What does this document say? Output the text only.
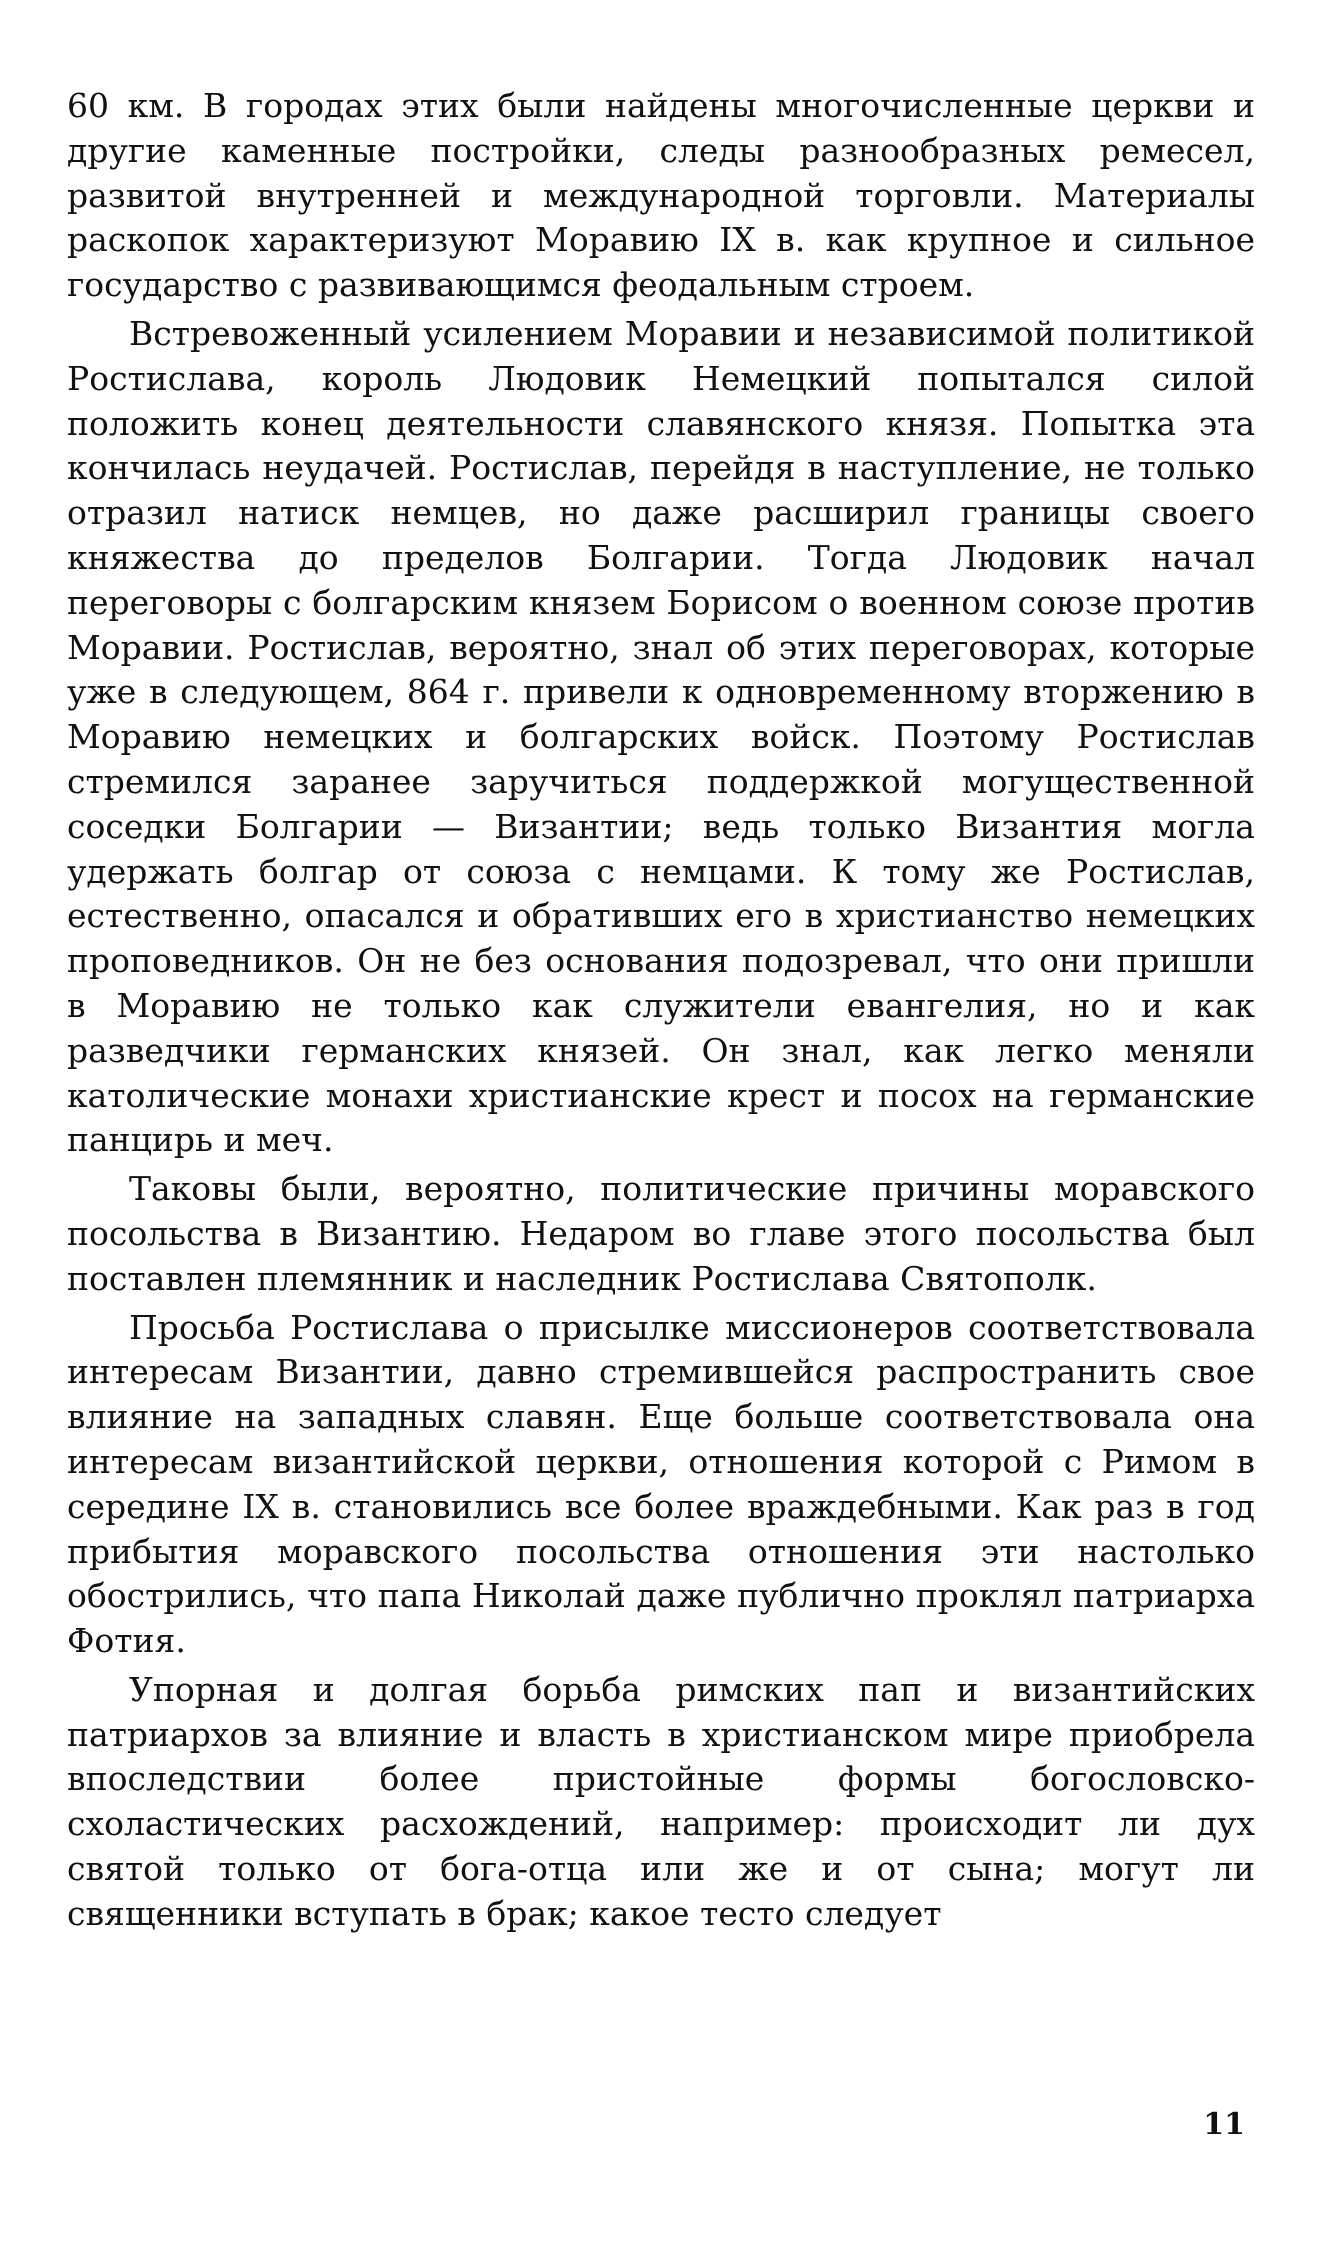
60 км. В городах этих были найдены многочисленные церкви и другие каменные постройки, следы разнообразных ремесел, развитой внутренней и международной торговли. Материалы раскопок характеризуют Моравию IX в. как крупное и сильное государство с развивающимся феодальным строем.

Встревоженный усилением Моравии и независимой политикой Ростислава, король Людовик Немецкий попытался силой положить конец деятельности славянского князя. Попытка эта кончилась неудачей. Ростислав, перейдя в наступление, не только отразил натиск немцев, но даже расширил границы своего княжества до пределов Болгарии. Тогда Людовик начал переговоры с болгарским князем Борисом о военном союзе против Моравии. Ростислав, вероятно, знал об этих переговорах, которые уже в следующем, 864 г. привели к одновременному вторжению в Моравию немецких и болгарских войск. Поэтому Ростислав стремился заранее заручиться поддержкой могущественной соседки Болгарии — Византии; ведь только Византия могла удержать болгар от союза с немцами. К тому же Ростислав, естественно, опасался и обративших его в христианство немецких проповедников. Он не без основания подозревал, что они пришли в Моравию не только как служители евангелия, но и как разведчики германских князей. Он знал, как легко меняли католические монахи христианские крест и посох на германские панцирь и меч.

Таковы были, вероятно, политические причины моравского посольства в Византию. Недаром во главе этого посольства был поставлен племянник и наследник Ростислава Святополк.

Просьба Ростислава о присылке миссионеров соответствовала интересам Византии, давно стремившейся распространить свое влияние на западных славян. Еще больше соответствовала она интересам византийской церкви, отношения которой с Римом в середине IX в. становились все более враждебными. Как раз в год прибытия моравского посольства отношения эти настолько обострились, что папа Николай даже публично проклял патриарха Фотия.

Упорная и долгая борьба римских пап и византийских патриархов за влияние и власть в христианском мире приобрела впоследствии более пристойные формы богословско-схоластических расхождений, например: происходит ли дух святой только от бога-отца или же и от сына; могут ли священники вступать в брак; какое тесто следует

11
